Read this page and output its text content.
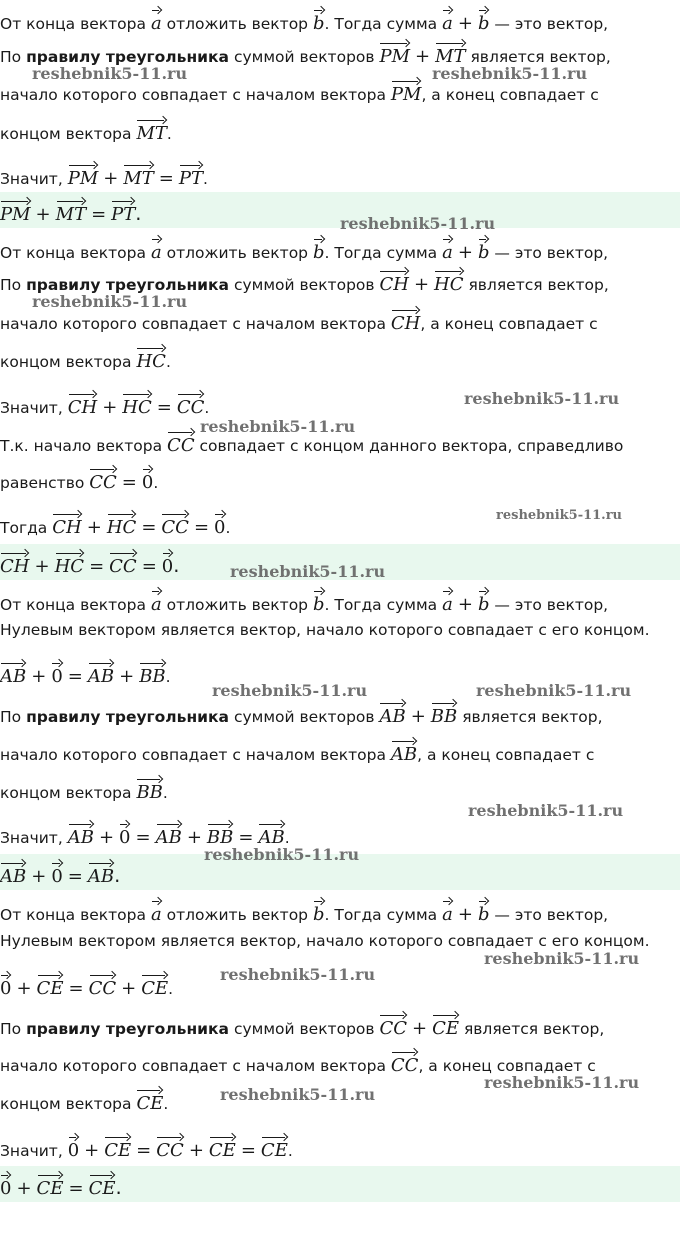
От конца вектора a отложить вектор b. Тогда сумма a + b — это вектор,
По правилу треугольника суммой векторов PM + MT является вектор,
начало которого совпадает с началом вектора PM, а конец совпадает с
концом вектора MT.
Значит, PM + MT = PT.
PM + MT = PT.
От конца вектора a отложить вектор b. Тогда сумма a + b — это вектор,
По правилу треугольника суммой векторов CH + HC является вектор,
начало которого совпадает с началом вектора CH, а конец совпадает с
концом вектора HC.
Значит, CH + HC = CC.
Т.к. начало вектора CC совпадает с концом данного вектора, справедливо
равенство CC = 0.
Тогда CH + HC = CC = 0.
CH + HC = CC = 0.
От конца вектора a отложить вектор b. Тогда сумма a + b — это вектор,
Нулевым вектором является вектор, начало которого совпадает с его концом.
AB + 0 = AB + BB.
По правилу треугольника суммой векторов AB + BB является вектор,
начало которого совпадает с началом вектора AB, а конец совпадает с
концом вектора BB.
Значит, AB + 0 = AB + BB = AB.
AB + 0 = AB.
От конца вектора a отложить вектор b. Тогда сумма a + b — это вектор,
Нулевым вектором является вектор, начало которого совпадает с его концом.
0 + CE = CC + CE.
По правилу треугольника суммой векторов CC + CE является вектор,
начало которого совпадает с началом вектора CC, а конец совпадает с
концом вектора CE.
Значит, 0 + CE = CC + CE = CE.
0 + CE = CE.
reshebnik5-11.ru	reshebnik5-11.ru
reshebnik5-11.ru
reshebnik5-11.ru
reshebnik5-11.ru
reshebnik5-11.ru
reshebnik5-11.ru
reshebnik5-11.ru
reshebnik5-11.ru	reshebnik5-11.ru
reshebnik5-11.ru
reshebnik5-11.ru
reshebnik5-11.ru
reshebnik5-11.ru
reshebnik5-11.ru
reshebnik5-11.ru
